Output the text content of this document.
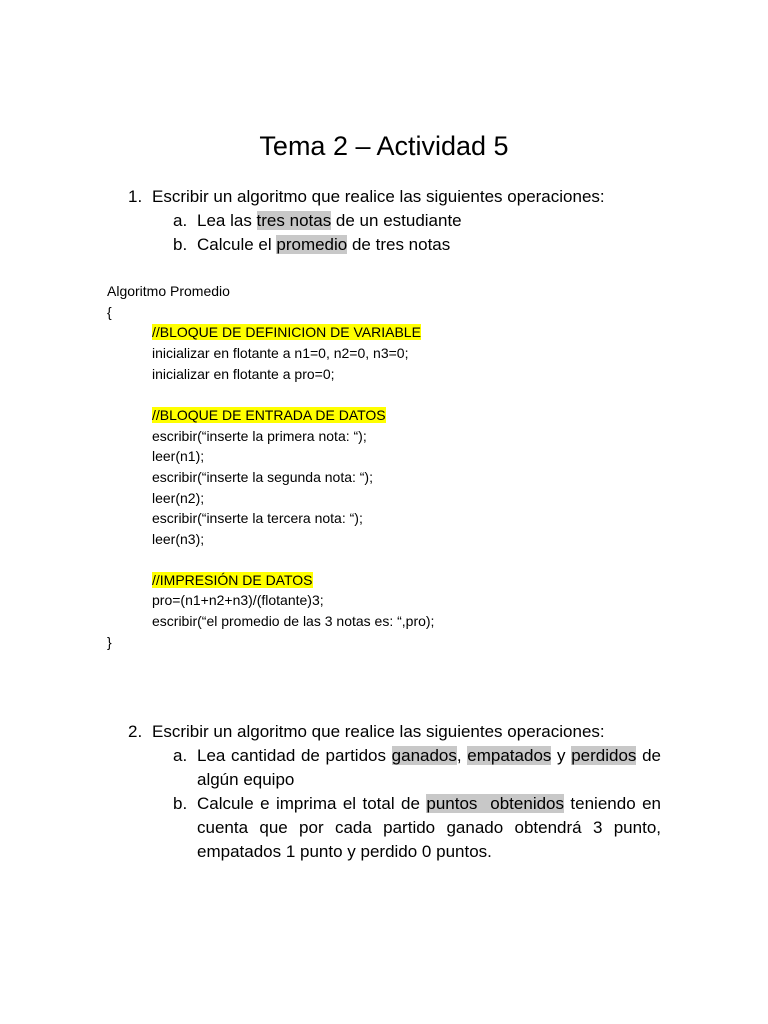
Tema 2 – Actividad 5
1. Escribir un algoritmo que realice las siguientes operaciones:
a. Lea las tres notas de un estudiante
b. Calcule el promedio de tres notas
Algoritmo Promedio
{
//BLOQUE DE DEFINICION DE VARIABLE
inicializar en flotante a n1=0, n2=0, n3=0;
inicializar en flotante a pro=0;
//BLOQUE DE ENTRADA DE DATOS
escribir(“inserte la primera nota: “);
leer(n1);
escribir(“inserte la segunda nota: “);
leer(n2);
escribir(“inserte la tercera nota: “);
leer(n3);
//IMPRESIÓN DE DATOS
pro=(n1+n2+n3)/(flotante)3;
escribir(“el promedio de las 3 notas es: “,pro);
}
2. Escribir un algoritmo que realice las siguientes operaciones:
a. Lea cantidad de partidos ganados, empatados y perdidos de algún equipo
b. Calcule e imprima el total de puntos  obtenidos teniendo en cuenta que por cada partido ganado obtendrá 3 punto, empatados 1 punto y perdido 0 puntos.
